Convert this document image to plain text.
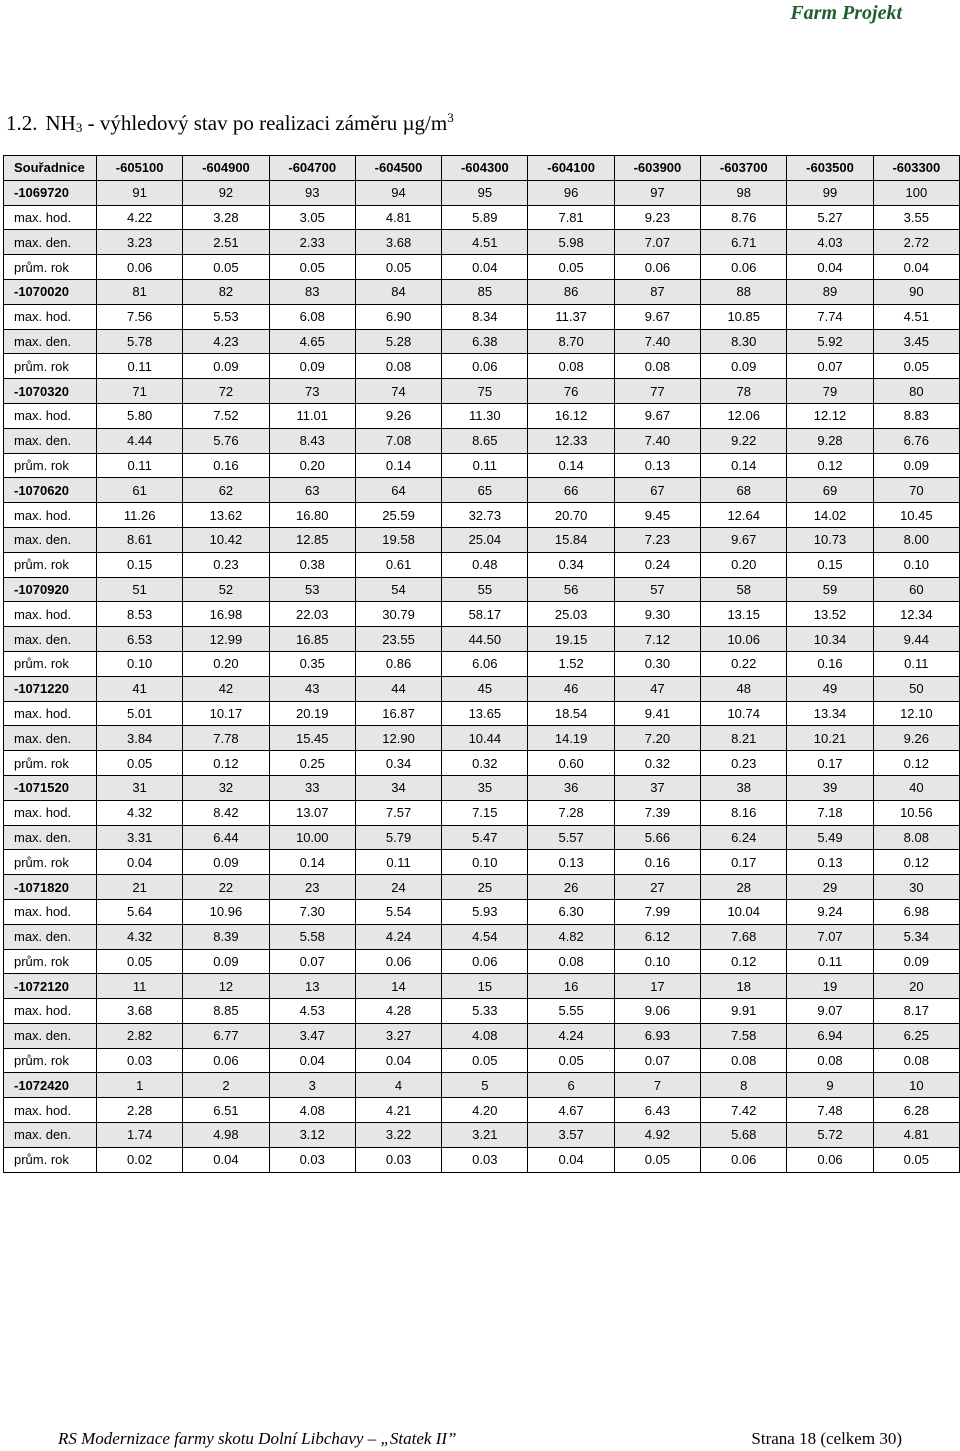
Farm Projekt
1.2. $NH_3$ - výhledový stav po realizaci záměru $\mu g/m^3$
Souřadnice	-605100	-604900	-604700	-604500	-604300	-604100	-603900	-603700	-603500	-603300
-1069720	91	92	93	94	95	96	97	98	99	100
max. hod.	4.22	3.28	3.05	4.81	5.89	7.81	9.23	8.76	5.27	3.55
max. den.	3.23	2.51	2.33	3.68	4.51	5.98	7.07	6.71	4.03	2.72
prům. rok	0.06	0.05	0.05	0.05	0.04	0.05	0.06	0.06	0.04	0.04
-1070020	81	82	83	84	85	86	87	88	89	90
max. hod.	7.56	5.53	6.08	6.90	8.34	11.37	9.67	10.85	7.74	4.51
max. den.	5.78	4.23	4.65	5.28	6.38	8.70	7.40	8.30	5.92	3.45
prům. rok	0.11	0.09	0.09	0.08	0.06	0.08	0.08	0.09	0.07	0.05
-1070320	71	72	73	74	75	76	77	78	79	80
max. hod.	5.80	7.52	11.01	9.26	11.30	16.12	9.67	12.06	12.12	8.83
max. den.	4.44	5.76	8.43	7.08	8.65	12.33	7.40	9.22	9.28	6.76
prům. rok	0.11	0.16	0.20	0.14	0.11	0.14	0.13	0.14	0.12	0.09
-1070620	61	62	63	64	65	66	67	68	69	70
max. hod.	11.26	13.62	16.80	25.59	32.73	20.70	9.45	12.64	14.02	10.45
max. den.	8.61	10.42	12.85	19.58	25.04	15.84	7.23	9.67	10.73	8.00
prům. rok	0.15	0.23	0.38	0.61	0.48	0.34	0.24	0.20	0.15	0.10
-1070920	51	52	53	54	55	56	57	58	59	60
max. hod.	8.53	16.98	22.03	30.79	58.17	25.03	9.30	13.15	13.52	12.34
max. den.	6.53	12.99	16.85	23.55	44.50	19.15	7.12	10.06	10.34	9.44
prům. rok	0.10	0.20	0.35	0.86	6.06	1.52	0.30	0.22	0.16	0.11
-1071220	41	42	43	44	45	46	47	48	49	50
max. hod.	5.01	10.17	20.19	16.87	13.65	18.54	9.41	10.74	13.34	12.10
max. den.	3.84	7.78	15.45	12.90	10.44	14.19	7.20	8.21	10.21	9.26
prům. rok	0.05	0.12	0.25	0.34	0.32	0.60	0.32	0.23	0.17	0.12
-1071520	31	32	33	34	35	36	37	38	39	40
max. hod.	4.32	8.42	13.07	7.57	7.15	7.28	7.39	8.16	7.18	10.56
max. den.	3.31	6.44	10.00	5.79	5.47	5.57	5.66	6.24	5.49	8.08
prům. rok	0.04	0.09	0.14	0.11	0.10	0.13	0.16	0.17	0.13	0.12
-1071820	21	22	23	24	25	26	27	28	29	30
max. hod.	5.64	10.96	7.30	5.54	5.93	6.30	7.99	10.04	9.24	6.98
max. den.	4.32	8.39	5.58	4.24	4.54	4.82	6.12	7.68	7.07	5.34
prům. rok	0.05	0.09	0.07	0.06	0.06	0.08	0.10	0.12	0.11	0.09
-1072120	11	12	13	14	15	16	17	18	19	20
max. hod.	3.68	8.85	4.53	4.28	5.33	5.55	9.06	9.91	9.07	8.17
max. den.	2.82	6.77	3.47	3.27	4.08	4.24	6.93	7.58	6.94	6.25
prům. rok	0.03	0.06	0.04	0.04	0.05	0.05	0.07	0.08	0.08	0.08
-1072420	1	2	3	4	5	6	7	8	9	10
max. hod.	2.28	6.51	4.08	4.21	4.20	4.67	6.43	7.42	7.48	6.28
max. den.	1.74	4.98	3.12	3.22	3.21	3.57	4.92	5.68	5.72	4.81
prům. rok	0.02	0.04	0.03	0.03	0.03	0.04	0.05	0.06	0.06	0.05
RS Modernizace farmy skotu Dolní Libchavy – „Statek II”	Strana 18 (celkem 30)
